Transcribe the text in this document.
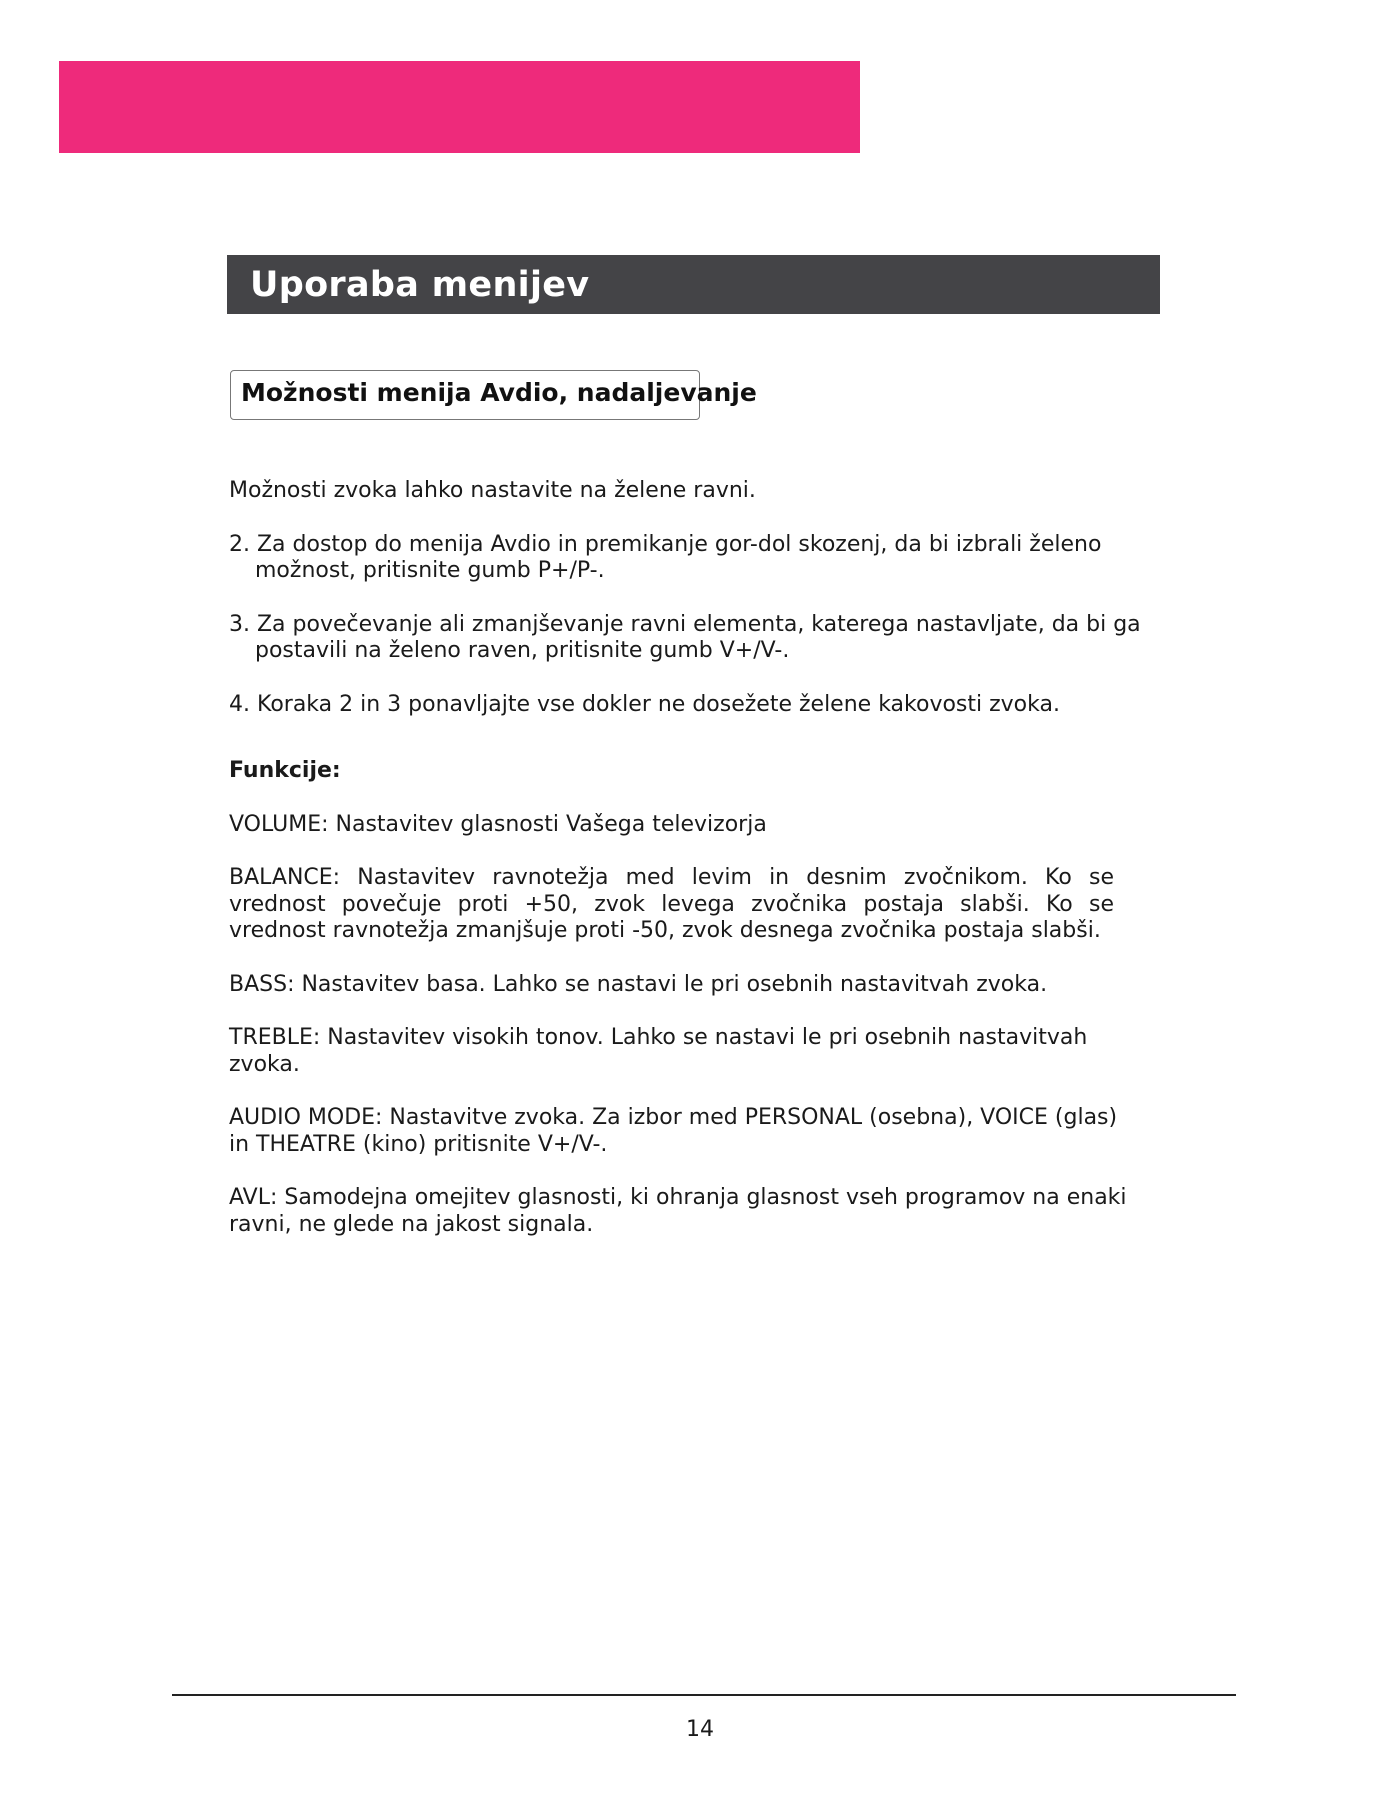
Uporaba menijev
Možnosti menija Avdio, nadaljevanje

Možnosti zvoka lahko nastavite na želene ravni.

2. Za dostop do menija Avdio in premikanje gor-dol skozenj, da bi izbrali želeno možnost, pritisnite gumb P+/P-.

3. Za povečevanje ali zmanjševanje ravni elementa, katerega nastavljate, da bi ga postavili na želeno raven, pritisnite gumb V+/V-.

4. Koraka 2 in 3 ponavljajte vse dokler ne dosežete želene kakovosti zvoka.

Funkcije:

VOLUME: Nastavitev glasnosti Vašega televizorja

BALANCE: Nastavitev ravnotežja med levim in desnim zvočnikom. Ko se vrednost povečuje proti +50, zvok levega zvočnika postaja slabši. Ko se vrednost ravnotežja zmanjšuje proti -50, zvok desnega zvočnika postaja slabši.

BASS: Nastavitev basa. Lahko se nastavi le pri osebnih nastavitvah zvoka.

TREBLE: Nastavitev visokih tonov. Lahko se nastavi le pri osebnih nastavitvah zvoka.

AUDIO MODE: Nastavitve zvoka. Za izbor med PERSONAL (osebna), VOICE (glas) in THEATRE (kino) pritisnite V+/V-.

AVL: Samodejna omejitev glasnosti, ki ohranja glasnost vseh programov na enaki ravni, ne glede na jakost signala.

14
